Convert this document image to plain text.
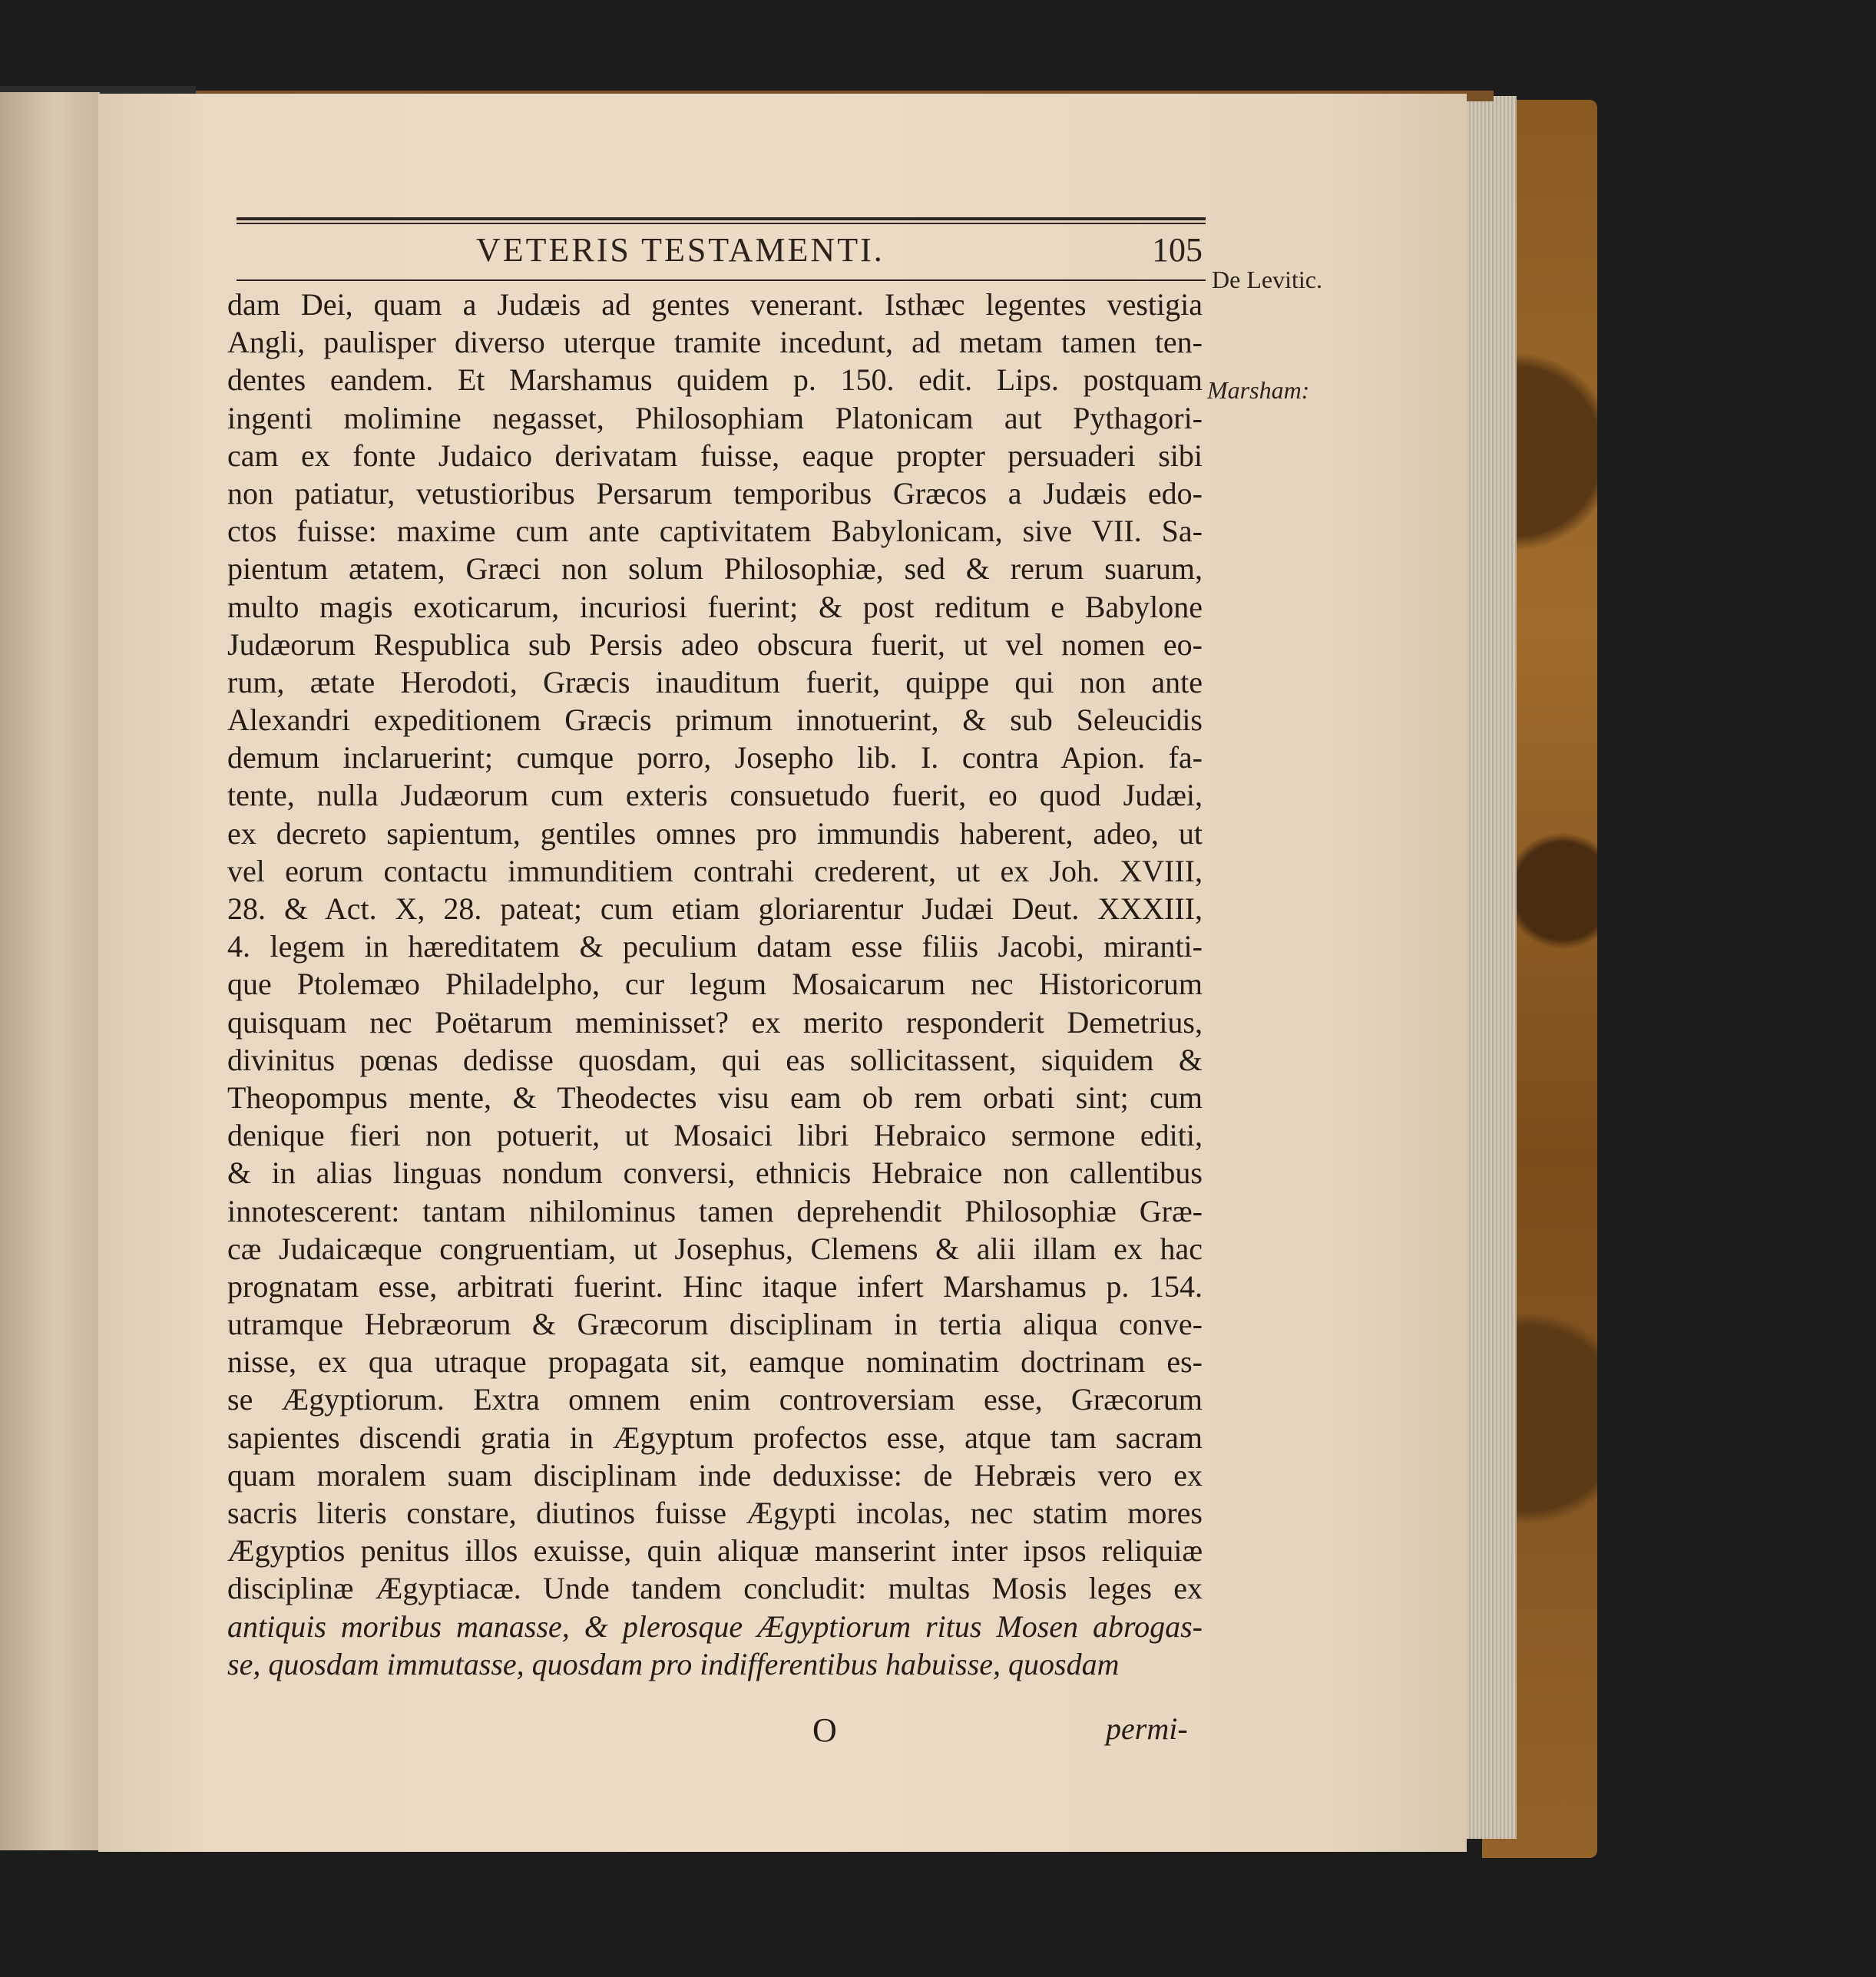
VETERIS TESTAMENTI.	105

De Levitic.

Marsham:

dam Dei, quam a Judæis ad gentes venerant. Isthæc legentes vestigia
Angli, paulisper diverso uterque tramite incedunt, ad metam tamen ten-
dentes eandem. Et Marshamus quidem p. 150. edit. Lips. postquam
ingenti molimine negasset, Philosophiam Platonicam aut Pythagori-
cam ex fonte Judaico derivatam fuisse, eaque propter persuaderi sibi
non patiatur, vetustioribus Persarum temporibus Græcos a Judæis edo-
ctos fuisse: maxime cum ante captivitatem Babylonicam, sive VII. Sa-
pientum ætatem, Græci non solum Philosophiæ, sed & rerum suarum,
multo magis exoticarum, incuriosi fuerint; & post reditum e Babylone
Judæorum Respublica sub Persis adeo obscura fuerit, ut vel nomen eo-
rum, ætate Herodoti, Græcis inauditum fuerit, quippe qui non ante
Alexandri expeditionem Græcis primum innotuerint, & sub Seleucidis
demum inclaruerint; cumque porro, Josepho lib. I. contra Apion. fa-
tente, nulla Judæorum cum exteris consuetudo fuerit, eo quod Judæi,
ex decreto sapientum, gentiles omnes pro immundis haberent, adeo, ut
vel eorum contactu immunditiem contrahi crederent, ut ex Joh. XVIII,
28. & Act. X, 28. pateat; cum etiam gloriarentur Judæi Deut. XXXIII,
4. legem in hæreditatem & peculium datam esse filiis Jacobi, miranti-
que Ptolemæo Philadelpho, cur legum Mosaicarum nec Historicorum
quisquam nec Poëtarum meminisset? ex merito responderit Demetrius,
divinitus pœnas dedisse quosdam, qui eas sollicitassent, siquidem &
Theopompus mente, & Theodectes visu eam ob rem orbati sint; cum
denique fieri non potuerit, ut Mosaici libri Hebraico sermone editi,
& in alias linguas nondum conversi, ethnicis Hebraice non callentibus
innotescerent: tantam nihilominus tamen deprehendit Philosophiæ Græ-
cæ Judaicæque congruentiam, ut Josephus, Clemens & alii illam ex hac
prognatam esse, arbitrati fuerint. Hinc itaque infert Marshamus p. 154.
utramque Hebræorum & Græcorum disciplinam in tertia aliqua conve-
nisse, ex qua utraque propagata sit, eamque nominatim doctrinam es-
se Ægyptiorum. Extra omnem enim controversiam esse, Græcorum
sapientes discendi gratia in Ægyptum profectos esse, atque tam sacram
quam moralem suam disciplinam inde deduxisse: de Hebræis vero ex
sacris literis constare, diutinos fuisse Ægypti incolas, nec statim mores
Ægyptios penitus illos exuisse, quin aliquæ manserint inter ipsos reliquiæ
disciplinæ Ægyptiacæ. Unde tandem concludit: multas Mosis leges ex
antiquis moribus manasse, & plerosque Ægyptiorum ritus Mosen abrogas-
se, quosdam immutasse, quosdam pro indifferentibus habuisse, quosdam

O	permi-
